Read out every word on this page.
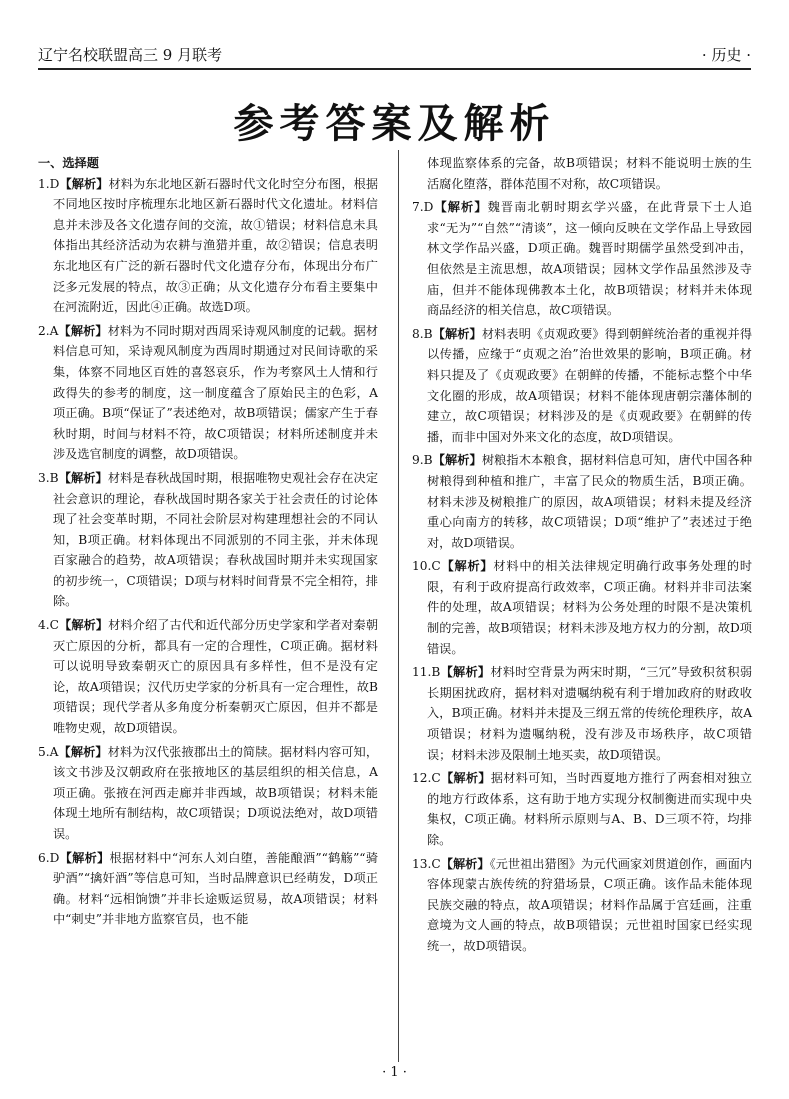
辽宁名校联盟高三 9 月联考	· 历史 ·
参考答案及解析
一、选择题
1.D【解析】材料为东北地区新石器时代文化时空分布图，根据不同地区按时序梳理东北地区新石器时代文化遗址。材料信息并未涉及各文化遗存间的交流，故①错误；材料信息未具体指出其经济活动为农耕与渔猎并重，故②错误；信息表明东北地区有广泛的新石器时代文化遗存分布，体现出分布广泛多元发展的特点，故③正确；从文化遗存分布看主要集中在河流附近，因此④正确。故选D项。
2.A【解析】材料为不同时期对西周采诗观风制度的记载。据材料信息可知，采诗观风制度为西周时期通过对民间诗歌的采集，体察不同地区百姓的喜怒哀乐，作为考察风土人情和行政得失的参考的制度，这一制度蕴含了原始民主的色彩，A项正确。B项“保证了”表述绝对，故B项错误；儒家产生于春秋时期，时间与材料不符，故C项错误；材料所述制度并未涉及选官制度的调整，故D项错误。
3.B【解析】材料是春秋战国时期，根据唯物史观社会存在决定社会意识的理论，春秋战国时期各家关于社会责任的讨论体现了社会变革时期，不同社会阶层对构建理想社会的不同认知，B项正确。材料体现出不同派别的不同主张，并未体现百家融合的趋势，故A项错误；春秋战国时期并未实现国家的初步统一，C项错误；D项与材料时间背景不完全相符，排除。
4.C【解析】材料介绍了古代和近代部分历史学家和学者对秦朝灭亡原因的分析，都具有一定的合理性，C项正确。据材料可以说明导致秦朝灭亡的原因具有多样性，但不是没有定论，故A项错误；汉代历史学家的分析具有一定合理性，故B项错误；现代学者从多角度分析秦朝灭亡原因，但并不都是唯物史观，故D项错误。
5.A【解析】材料为汉代张掖郡出土的简牍。据材料内容可知，该文书涉及汉朝政府在张掖地区的基层组织的相关信息，A项正确。张掖在河西走廊并非西域，故B项错误；材料未能体现土地所有制结构，故C项错误；D项说法绝对，故D项错误。
6.D【解析】根据材料中“河东人刘白堕，善能酿酒”“鹤觞”“骑驴酒”“擒奸酒”等信息可知，当时品牌意识已经萌发，D项正确。材料“远相饷馈”并非长途贩运贸易，故A项错误；材料中“刺史”并非地方监察官员，也不能
体现监察体系的完备，故B项错误；材料不能说明士族的生活腐化堕落，群体范围不对称，故C项错误。
7.D【解析】魏晋南北朝时期玄学兴盛，在此背景下士人追求“无为”“自然”“清谈”，这一倾向反映在文学作品上导致园林文学作品兴盛，D项正确。魏晋时期儒学虽然受到冲击，但依然是主流思想，故A项错误；园林文学作品虽然涉及寺庙，但并不能体现佛教本土化，故B项错误；材料并未体现商品经济的相关信息，故C项错误。
8.B【解析】材料表明《贞观政要》得到朝鲜统治者的重视并得以传播，应缘于“贞观之治”治世效果的影响，B项正确。材料只提及了《贞观政要》在朝鲜的传播，不能标志整个中华文化圈的形成，故A项错误；材料不能体现唐朝宗藩体制的建立，故C项错误；材料涉及的是《贞观政要》在朝鲜的传播，而非中国对外来文化的态度，故D项错误。
9.B【解析】树粮指木本粮食，据材料信息可知，唐代中国各种树粮得到种植和推广，丰富了民众的物质生活，B项正确。材料未涉及树粮推广的原因，故A项错误；材料未提及经济重心向南方的转移，故C项错误；D项“维护了”表述过于绝对，故D项错误。
10.C【解析】材料中的相关法律规定明确行政事务处理的时限，有利于政府提高行政效率，C项正确。材料并非司法案件的处理，故A项错误；材料为公务处理的时限不是决策机制的完善，故B项错误；材料未涉及地方权力的分割，故D项错误。
11.B【解析】材料时空背景为两宋时期，“三冗”导致积贫积弱长期困扰政府，据材料对遗嘱纳税有利于增加政府的财政收入，B项正确。材料并未提及三纲五常的传统伦理秩序，故A项错误；材料为遗嘱纳税，没有涉及市场秩序，故C项错误；材料未涉及限制土地买卖，故D项错误。
12.C【解析】据材料可知，当时西夏地方推行了两套相对独立的地方行政体系，这有助于地方实现分权制衡进而实现中央集权，C项正确。材料所示原则与A、B、D三项不符，均排除。
13.C【解析】《元世祖出猎图》为元代画家刘贯道创作，画面内容体现蒙古族传统的狩猎场景，C项正确。该作品未能体现民族交融的特点，故A项错误；材料作品属于宫廷画，注重意境为文人画的特点，故B项错误；元世祖时国家已经实现统一，故D项错误。
· 1 ·
